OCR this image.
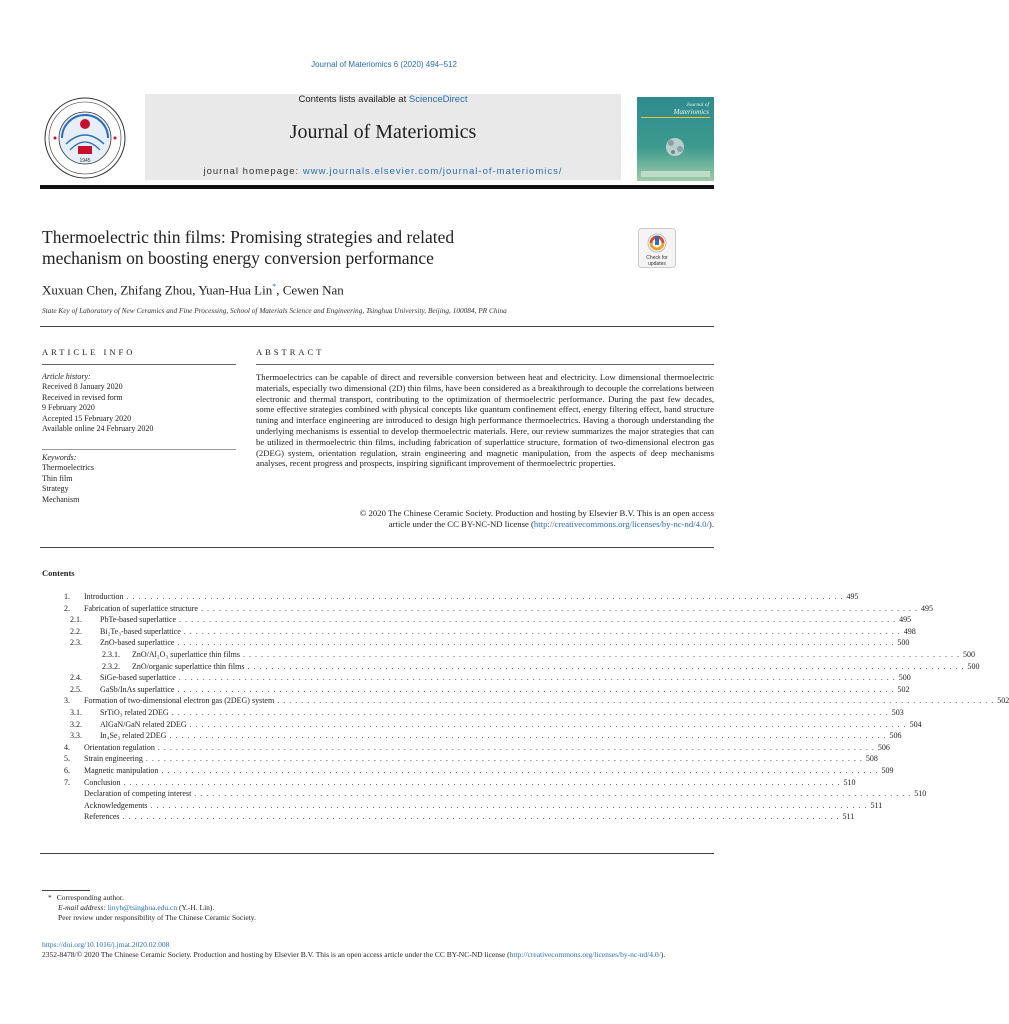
Journal of Materiomics 6 (2020) 494–512
1945
Contents lists available at ScienceDirect
Journal of Materiomics
journal homepage: www.journals.elsevier.com/journal-of-materiomics/
Journal of
Materiomics
Thermoelectric thin films: Promising strategies and related
mechanism on boosting energy conversion performance	Check for
updates
Xuxuan Chen, Zhifang Zhou, Yuan-Hua Lin*, Cewen Nan
State Key of Laboratory of New Ceramics and Fine Processing, School of Materials Science and Engineering, Tsinghua University, Beijing, 100084, PR China
ARTICLE INFO	ABSTRACT
Article history:
Received 8 January 2020
Received in revised form
9 February 2020
Accepted 15 February 2020
Available online 24 February 2020
Keywords:
Thermoelectrics
Thin film
Strategy
Mechanism
Thermoelectrics can be capable of direct and reversible conversion between heat and electricity. Low dimensional thermoelectric materials, especially two dimensional (2D) thin films, have been considered as a breakthrough to decouple the correlations between electronic and thermal transport, contributing to the optimization of thermoelectric performance. During the past few decades, some effective strategies combined with physical concepts like quantum confinement effect, energy filtering effect, band structure tuning and interface engineering are introduced to design high performance thermoelectrics. Having a thorough understanding the underlying mechanisms is essential to develop thermoelectric materials. Here, our review summarizes the major strategies that can be utilized in thermoelectric thin films, including fabrication of superlattice structure, formation of two-dimensional electron gas (2DEG) system, orientation regulation, strain engineering and magnetic manipulation, from the aspects of deep mechanisms analyses, recent progress and prospects, inspiring significant improvement of thermoelectric properties.
© 2020 The Chinese Ceramic Society. Production and hosting by Elsevier B.V. This is an open access
article under the CC BY-NC-ND license (http://creativecommons.org/licenses/by-nc-nd/4.0/).
Contents
1.	Introduction . . . . . . . . . . . . . . . . . . . . . . . . . . . . . . . . . . . . . . . . . . . . . . . . . . . . . . . . . . . . . . . . . . . . . . . . . . . . . . . . . . . . . . . . . . . . . . . . . . . . . . . . . . . . . . . . . . . . . . . . 495
2.	Fabrication of superlattice structure . . . . . . . . . . . . . . . . . . . . . . . . . . . . . . . . . . . . . . . . . . . . . . . . . . . . . . . . . . . . . . . . . . . . . . . . . . . . . . . . . . . . . . . . . . . . . . . . . . . . . . . . . . . . . . . . . . . . . . . . 495
2.1.	PbTe-based superlattice . . . . . . . . . . . . . . . . . . . . . . . . . . . . . . . . . . . . . . . . . . . . . . . . . . . . . . . . . . . . . . . . . . . . . . . . . . . . . . . . . . . . . . . . . . . . . . . . . . . . . . . . . . . . . . . . . . . . . . . . 495
2.2.	Bi₂Te₃-based superlattice . . . . . . . . . . . . . . . . . . . . . . . . . . . . . . . . . . . . . . . . . . . . . . . . . . . . . . . . . . . . . . . . . . . . . . . . . . . . . . . . . . . . . . . . . . . . . . . . . . . . . . . . . . . . . . . . . . . . . . . . 498
2.3.	ZnO-based superlattice . . . . . . . . . . . . . . . . . . . . . . . . . . . . . . . . . . . . . . . . . . . . . . . . . . . . . . . . . . . . . . . . . . . . . . . . . . . . . . . . . . . . . . . . . . . . . . . . . . . . . . . . . . . . . . . . . . . . . . . . 500
2.3.1.	ZnO/Al₂O₃ superlattice thin films . . . . . . . . . . . . . . . . . . . . . . . . . . . . . . . . . . . . . . . . . . . . . . . . . . . . . . . . . . . . . . . . . . . . . . . . . . . . . . . . . . . . . . . . . . . . . . . . . . . . . . . . . . . . . . . . . . . . . . . . 500
2.3.2.	ZnO/organic superlattice thin films . . . . . . . . . . . . . . . . . . . . . . . . . . . . . . . . . . . . . . . . . . . . . . . . . . . . . . . . . . . . . . . . . . . . . . . . . . . . . . . . . . . . . . . . . . . . . . . . . . . . . . . . . . . . . . . . . . . . . . . . 500
2.4.	SiGe-based superlattice . . . . . . . . . . . . . . . . . . . . . . . . . . . . . . . . . . . . . . . . . . . . . . . . . . . . . . . . . . . . . . . . . . . . . . . . . . . . . . . . . . . . . . . . . . . . . . . . . . . . . . . . . . . . . . . . . . . . . . . . 500
2.5.	GaSb/InAs superlattice . . . . . . . . . . . . . . . . . . . . . . . . . . . . . . . . . . . . . . . . . . . . . . . . . . . . . . . . . . . . . . . . . . . . . . . . . . . . . . . . . . . . . . . . . . . . . . . . . . . . . . . . . . . . . . . . . . . . . . . . 502
3.	Formation of two-dimensional electron gas (2DEG) system . . . . . . . . . . . . . . . . . . . . . . . . . . . . . . . . . . . . . . . . . . . . . . . . . . . . . . . . . . . . . . . . . . . . . . . . . . . . . . . . . . . . . . . . . . . . . . . . . . . . . . . . . . . . . . . . . . . . . . . . 502
3.1.	SrTiO₃ related 2DEG . . . . . . . . . . . . . . . . . . . . . . . . . . . . . . . . . . . . . . . . . . . . . . . . . . . . . . . . . . . . . . . . . . . . . . . . . . . . . . . . . . . . . . . . . . . . . . . . . . . . . . . . . . . . . . . . . . . . . . . . 503
3.2.	AlGaN/GaN related 2DEG . . . . . . . . . . . . . . . . . . . . . . . . . . . . . . . . . . . . . . . . . . . . . . . . . . . . . . . . . . . . . . . . . . . . . . . . . . . . . . . . . . . . . . . . . . . . . . . . . . . . . . . . . . . . . . . . . . . . . . . . 504
3.3.	In₄Se₃ related 2DEG . . . . . . . . . . . . . . . . . . . . . . . . . . . . . . . . . . . . . . . . . . . . . . . . . . . . . . . . . . . . . . . . . . . . . . . . . . . . . . . . . . . . . . . . . . . . . . . . . . . . . . . . . . . . . . . . . . . . . . . . 506
4.	Orientation regulation . . . . . . . . . . . . . . . . . . . . . . . . . . . . . . . . . . . . . . . . . . . . . . . . . . . . . . . . . . . . . . . . . . . . . . . . . . . . . . . . . . . . . . . . . . . . . . . . . . . . . . . . . . . . . . . . . . . . . . . . 506
5.	Strain engineering . . . . . . . . . . . . . . . . . . . . . . . . . . . . . . . . . . . . . . . . . . . . . . . . . . . . . . . . . . . . . . . . . . . . . . . . . . . . . . . . . . . . . . . . . . . . . . . . . . . . . . . . . . . . . . . . . . . . . . . . 508
6.	Magnetic manipulation . . . . . . . . . . . . . . . . . . . . . . . . . . . . . . . . . . . . . . . . . . . . . . . . . . . . . . . . . . . . . . . . . . . . . . . . . . . . . . . . . . . . . . . . . . . . . . . . . . . . . . . . . . . . . . . . . . . . . . . . 509
7.	Conclusion . . . . . . . . . . . . . . . . . . . . . . . . . . . . . . . . . . . . . . . . . . . . . . . . . . . . . . . . . . . . . . . . . . . . . . . . . . . . . . . . . . . . . . . . . . . . . . . . . . . . . . . . . . . . . . . . . . . . . . . . 510
Declaration of competing interest . . . . . . . . . . . . . . . . . . . . . . . . . . . . . . . . . . . . . . . . . . . . . . . . . . . . . . . . . . . . . . . . . . . . . . . . . . . . . . . . . . . . . . . . . . . . . . . . . . . . . . . . . . . . . . . . . . . . . . . . 510
Acknowledgements . . . . . . . . . . . . . . . . . . . . . . . . . . . . . . . . . . . . . . . . . . . . . . . . . . . . . . . . . . . . . . . . . . . . . . . . . . . . . . . . . . . . . . . . . . . . . . . . . . . . . . . . . . . . . . . . . . . . . . . . 511
References . . . . . . . . . . . . . . . . . . . . . . . . . . . . . . . . . . . . . . . . . . . . . . . . . . . . . . . . . . . . . . . . . . . . . . . . . . . . . . . . . . . . . . . . . . . . . . . . . . . . . . . . . . . . . . . . . . . . . . . . 511
* Corresponding author.
E-mail address: linyh@tsinghua.edu.cn (Y.-H. Lin).
Peer review under responsibility of The Chinese Ceramic Society.
https://doi.org/10.1016/j.jmat.2020.02.008
2352-8478/© 2020 The Chinese Ceramic Society. Production and hosting by Elsevier B.V. This is an open access article under the CC BY-NC-ND license (http://creativecommons.org/licenses/by-nc-nd/4.0/).
